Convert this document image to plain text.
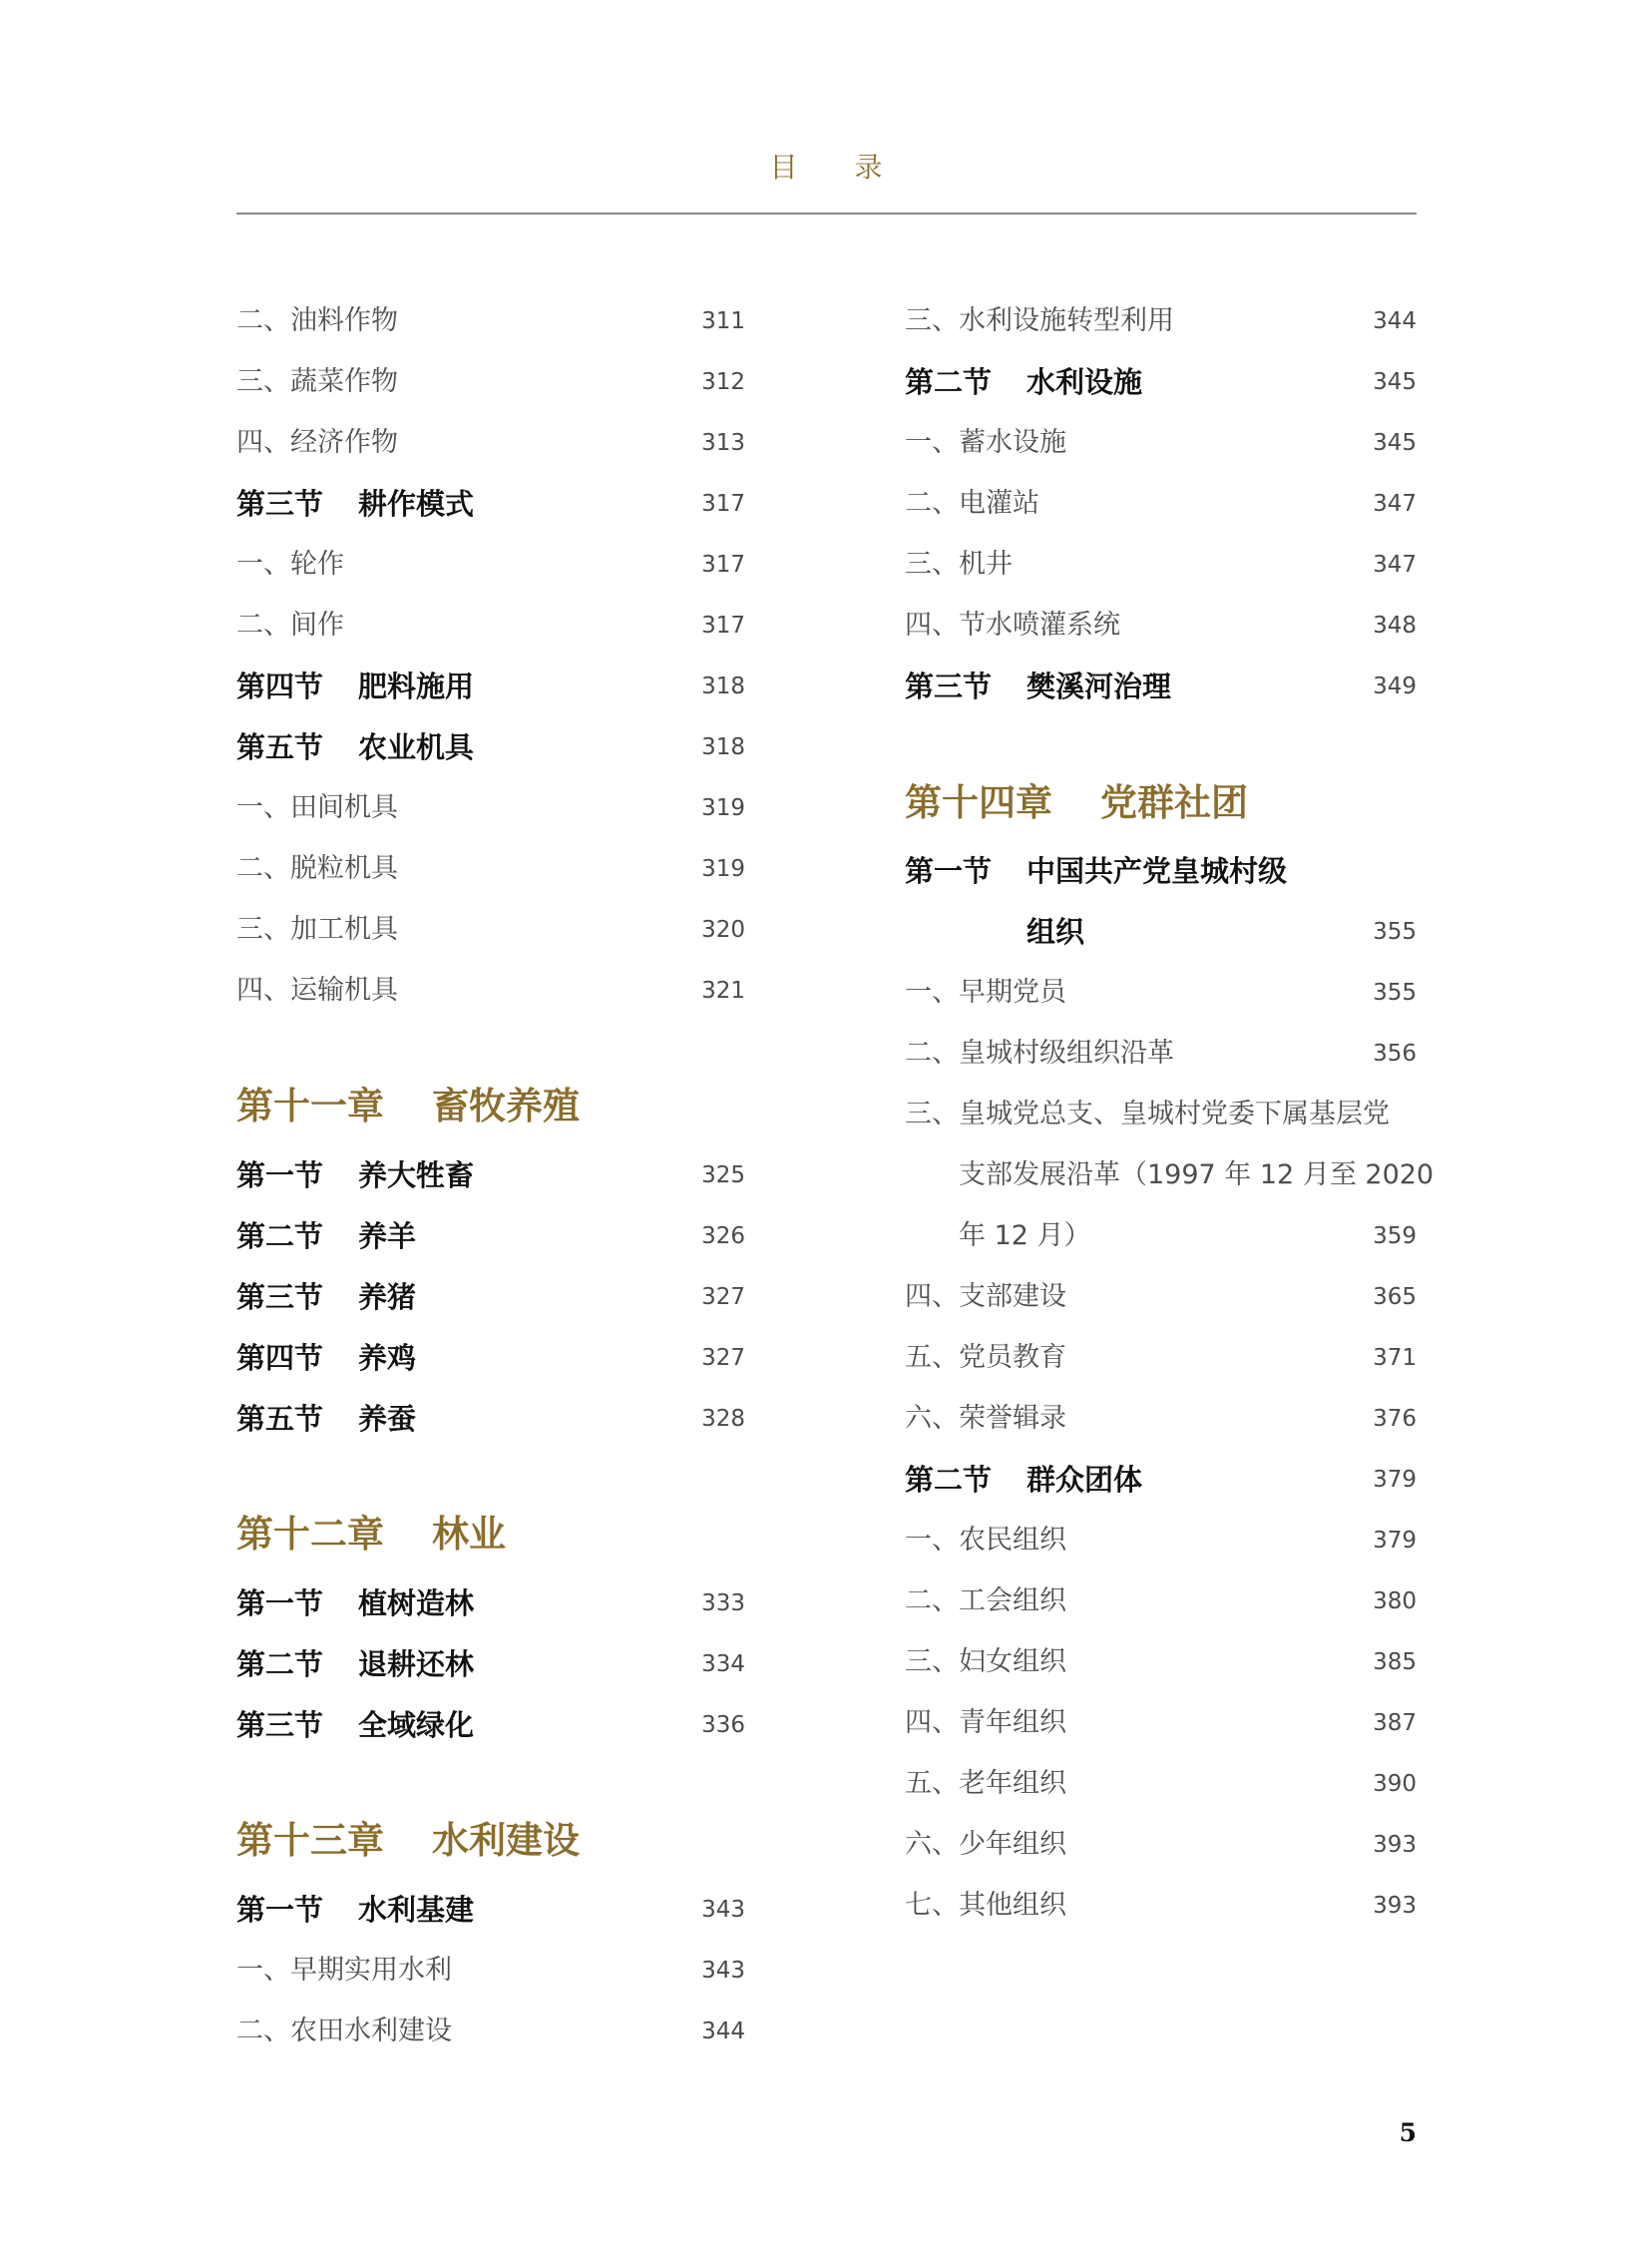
目 录
二、油料作物	311
三、蔬菜作物	312
四、经济作物	313
第三节 耕作模式	317
一、轮作	317
二、间作	317
第四节 肥料施用	318
第五节 农业机具	318
一、田间机具	319
二、脱粒机具	319
三、加工机具	320
四、运输机具	321
第十一章 畜牧养殖
第一节 养大牲畜	325
第二节 养羊	326
第三节 养猪	327
第四节 养鸡	327
第五节 养蚕	328
第十二章 林业
第一节 植树造林	333
第二节 退耕还林	334
第三节 全域绿化	336
第十三章 水利建设
第一节 水利基建	343
一、早期实用水利	343
二、农田水利建设	344
三、水利设施转型利用	344
第二节 水利设施	345
一、蓄水设施	345
二、电灌站	347
三、机井	347
四、节水喷灌系统	348
第三节 樊溪河治理	349
第十四章 党群社团
第一节 中国共产党皇城村级
组织	355
一、早期党员	355
二、皇城村级组织沿革	356
三、皇城党总支、皇城村党委下属基层党
支部发展沿革（1997 年 12 月至 2020
年 12 月）	359
四、支部建设	365
五、党员教育	371
六、荣誉辑录	376
第二节 群众团体	379
一、农民组织	379
二、工会组织	380
三、妇女组织	385
四、青年组织	387
五、老年组织	390
六、少年组织	393
七、其他组织	393
5
